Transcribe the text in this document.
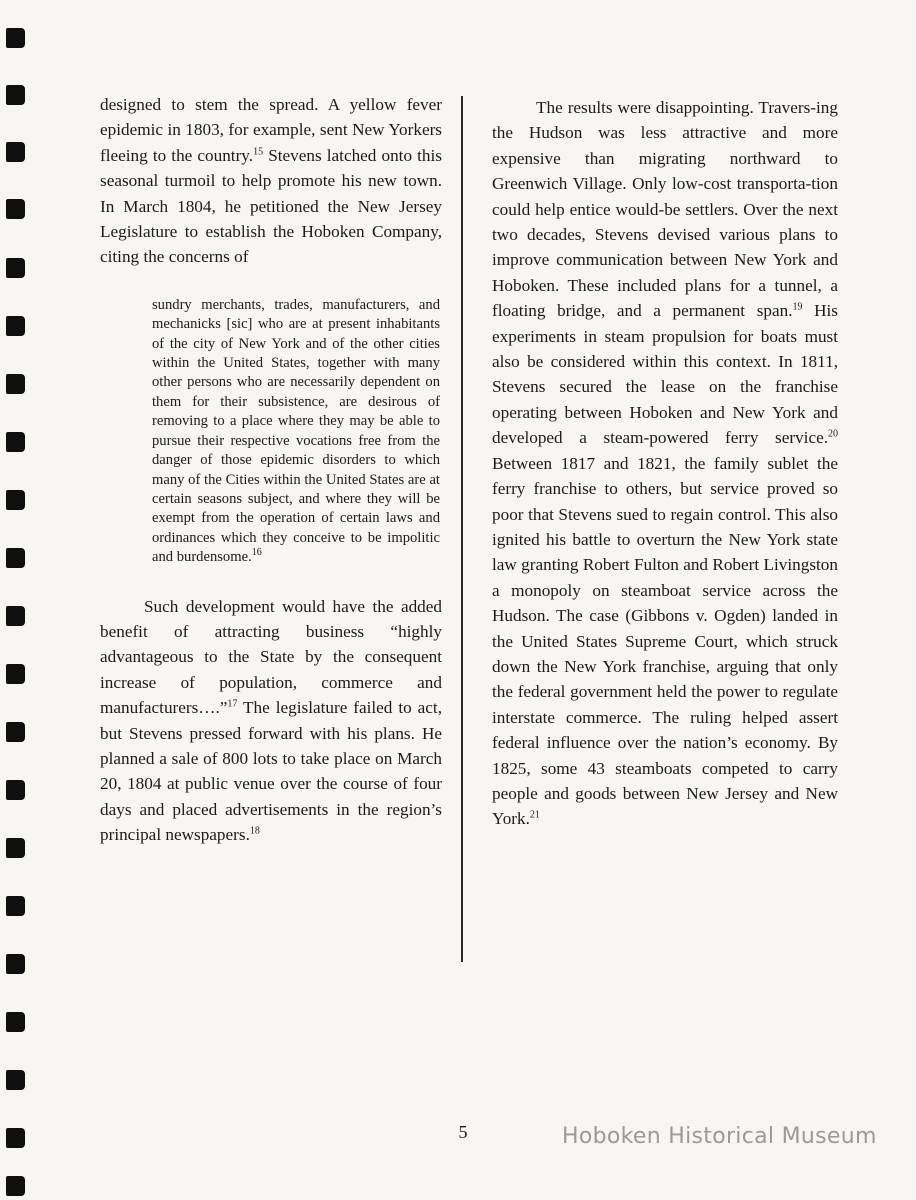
designed to stem the spread. A yellow fever epidemic in 1803, for example, sent New Yorkers fleeing to the country.$^{15}$ Stevens latched onto this seasonal turmoil to help promote his new town. In March 1804, he petitioned the New Jersey Legislature to establish the Hoboken Company, citing the concerns of

sundry merchants, trades, manufacturers, and mechanicks [sic] who are at present inhabitants of the city of New York and of the other cities within the United States, together with many other persons who are necessarily dependent on them for their subsistence, are desirous of removing to a place where they may be able to pursue their respective vocations free from the danger of those epidemic disorders to which many of the Cities within the United States are at certain seasons subject, and where they will be exempt from the operation of certain laws and ordinances which they conceive to be impolitic and burdensome.$^{16}$

Such development would have the added benefit of attracting business “highly advantageous to the State by the consequent increase of population, commerce and manufacturers….”$^{17}$ The legislature failed to act, but Stevens pressed forward with his plans. He planned a sale of 800 lots to take place on March 20, 1804 at public venue over the course of four days and placed advertisements in the region’s principal newspapers.$^{18}$

The results were disappointing. Travers-ing the Hudson was less attractive and more expensive than migrating northward to Greenwich Village. Only low-cost transporta-tion could help entice would-be settlers. Over the next two decades, Stevens devised various plans to improve communication between New York and Hoboken. These included plans for a tunnel, a floating bridge, and a permanent span.$^{19}$ His experiments in steam propulsion for boats must also be considered within this context. In 1811, Stevens secured the lease on the franchise operating between Hoboken and New York and developed a steam-powered ferry service.$^{20}$ Between 1817 and 1821, the family sublet the ferry franchise to others, but service proved so poor that Stevens sued to regain control. This also ignited his battle to overturn the New York state law granting Robert Fulton and Robert Livingston a monopoly on steamboat service across the Hudson. The case (Gibbons v. Ogden) landed in the United States Supreme Court, which struck down the New York franchise, arguing that only the federal government held the power to regulate interstate commerce. The ruling helped assert federal influence over the nation’s economy. By 1825, some 43 steamboats competed to carry people and goods between New Jersey and New York.$^{21}$

5	Hoboken Historical Museum
